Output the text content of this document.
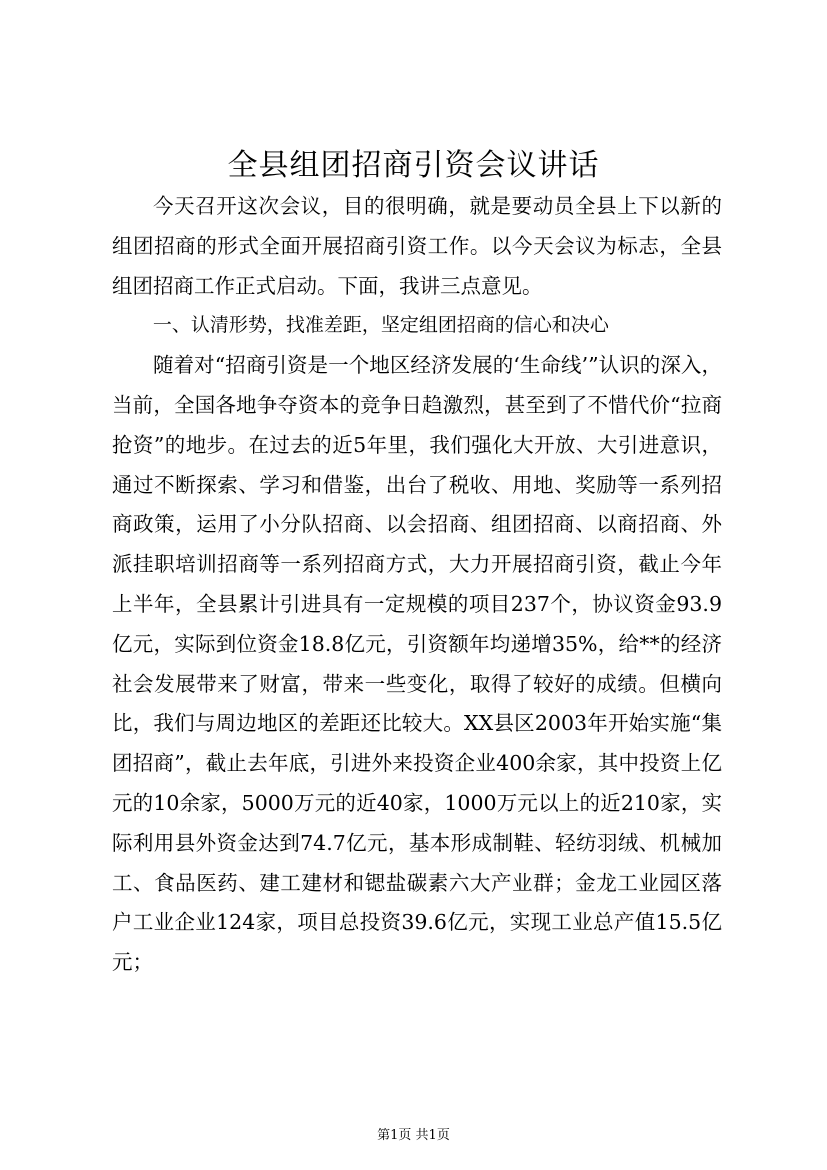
全县组团招商引资会议讲话

今天召开这次会议，目的很明确，就是要动员全县上下以新的组团招商的形式全面开展招商引资工作。以今天会议为标志，全县组团招商工作正式启动。下面，我讲三点意见。

一、认清形势，找准差距，坚定组团招商的信心和决心

随着对“招商引资是一个地区经济发展的‘生命线’”认识的深入，当前，全国各地争夺资本的竞争日趋激烈，甚至到了不惜代价“拉商抢资”的地步。在过去的近5年里，我们强化大开放、大引进意识，通过不断探索、学习和借鉴，出台了税收、用地、奖励等一系列招商政策，运用了小分队招商、以会招商、组团招商、以商招商、外派挂职培训招商等一系列招商方式，大力开展招商引资，截止今年上半年，全县累计引进具有一定规模的项目237个，协议资金93.9亿元，实际到位资金18.8亿元，引资额年均递增35%，给**的经济社会发展带来了财富，带来一些变化，取得了较好的成绩。但横向比，我们与周边地区的差距还比较大。XX县区2003年开始实施“集团招商”，截止去年底，引进外来投资企业400余家，其中投资上亿元的10余家，5000万元的近40家，1000万元以上的近210家，实际利用县外资金达到74.7亿元，基本形成制鞋、轻纺羽绒、机械加工、食品医药、建工建材和锶盐碳素六大产业群；金龙工业园区落户工业企业124家，项目总投资39.6亿元，实现工业总产值15.5亿元；

第1页 共1页
